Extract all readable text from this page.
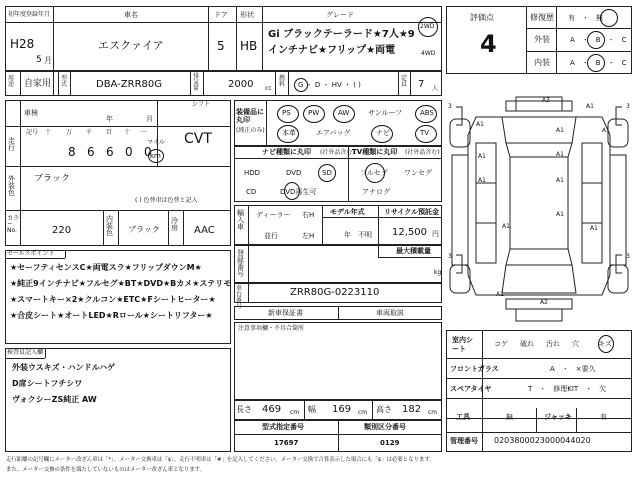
初年度登録年月
H28
5 月
車名
エスクァイア
ドア
5
形状
HB
グレード
Gi ブラックテーラード★7人★9
インチナビ★フリップ★両電
2WD
4WD
用途 自家用
型式	DBA-ZRR80G
排気量	2000 cc
燃料 G ・ D ・ HV ・ ( )
定員 7 人
車検
年	月
シフト
CVT
走行
記号 十 万 千 百 十 一
8 6 6 0 0
マイル
km
外装色
ブラック
( ) 色替車は色替と記入
カラーNo.	220
内装色 ブラック
冷房 AAC
セールスポイント
★セーフティセンスC★両電スラ★フリップダウンM★
★純正9インチナビ★フルセグ★BT★DVD★Bカメ★ステリモ
★スマートキー×2★クルコン★ETC★Fシートヒーター★
★合皮シート★オートLED★Rロール★シートリフター★
検査員記入欄
外装ウスキズ・ハンドルハゲ
D席シートフチシワ
ヴォクシーZS純正 AW
装備品に丸印
(純正のみ)
PS PW	AW	サンルーフ	ABS
本革	エアバッグ	ナビ	TV
ナビ種類に丸印 (社外品含む)
TV種類に丸印 (社外品含む)
HDD	DVD	SD
CD	DVD再生可
フルセグ ワンセグ
アナログ
輸入車
ディーラー
並行
右H
左H
モデル年式
年　不明
リサイクル預託金
12,500 円
登録番号
最大積載量
kg
車台番号
ZRR80G-0223110
新車保証書	車両取説
注意事項欄・不具合箇所
長さ 469 cm 幅 169 cm 高さ 182 cm
型式指定番号
17697
類別区分番号
0129
評価点
4
修復歴 有　・　無
外装	A　・　B　・　C
内装	A　・　B　・　C
3	3
3	3
A3
A1
A1
A1	A1
A1	A1
A1	A1
A1
A1	A1
A2
A1
室内シート
コゲ 破れ 汚れ 穴	キズ
フロントガラス	A　・　×要久
スペアタイヤ	T　・　修理KIT　・　欠
工具	無	ジャッキ	有
管理番号 0203800023000044020
走行距離の記号欄にメーター改ざん車は「*」、メーター交換車は「$」、走行不明車は「#」を記入してください。メーター交換で合算表示した場合にも「$」は必要となります。
また、メーター交換の条件を満たしていないものはメーター改ざん車となります。
